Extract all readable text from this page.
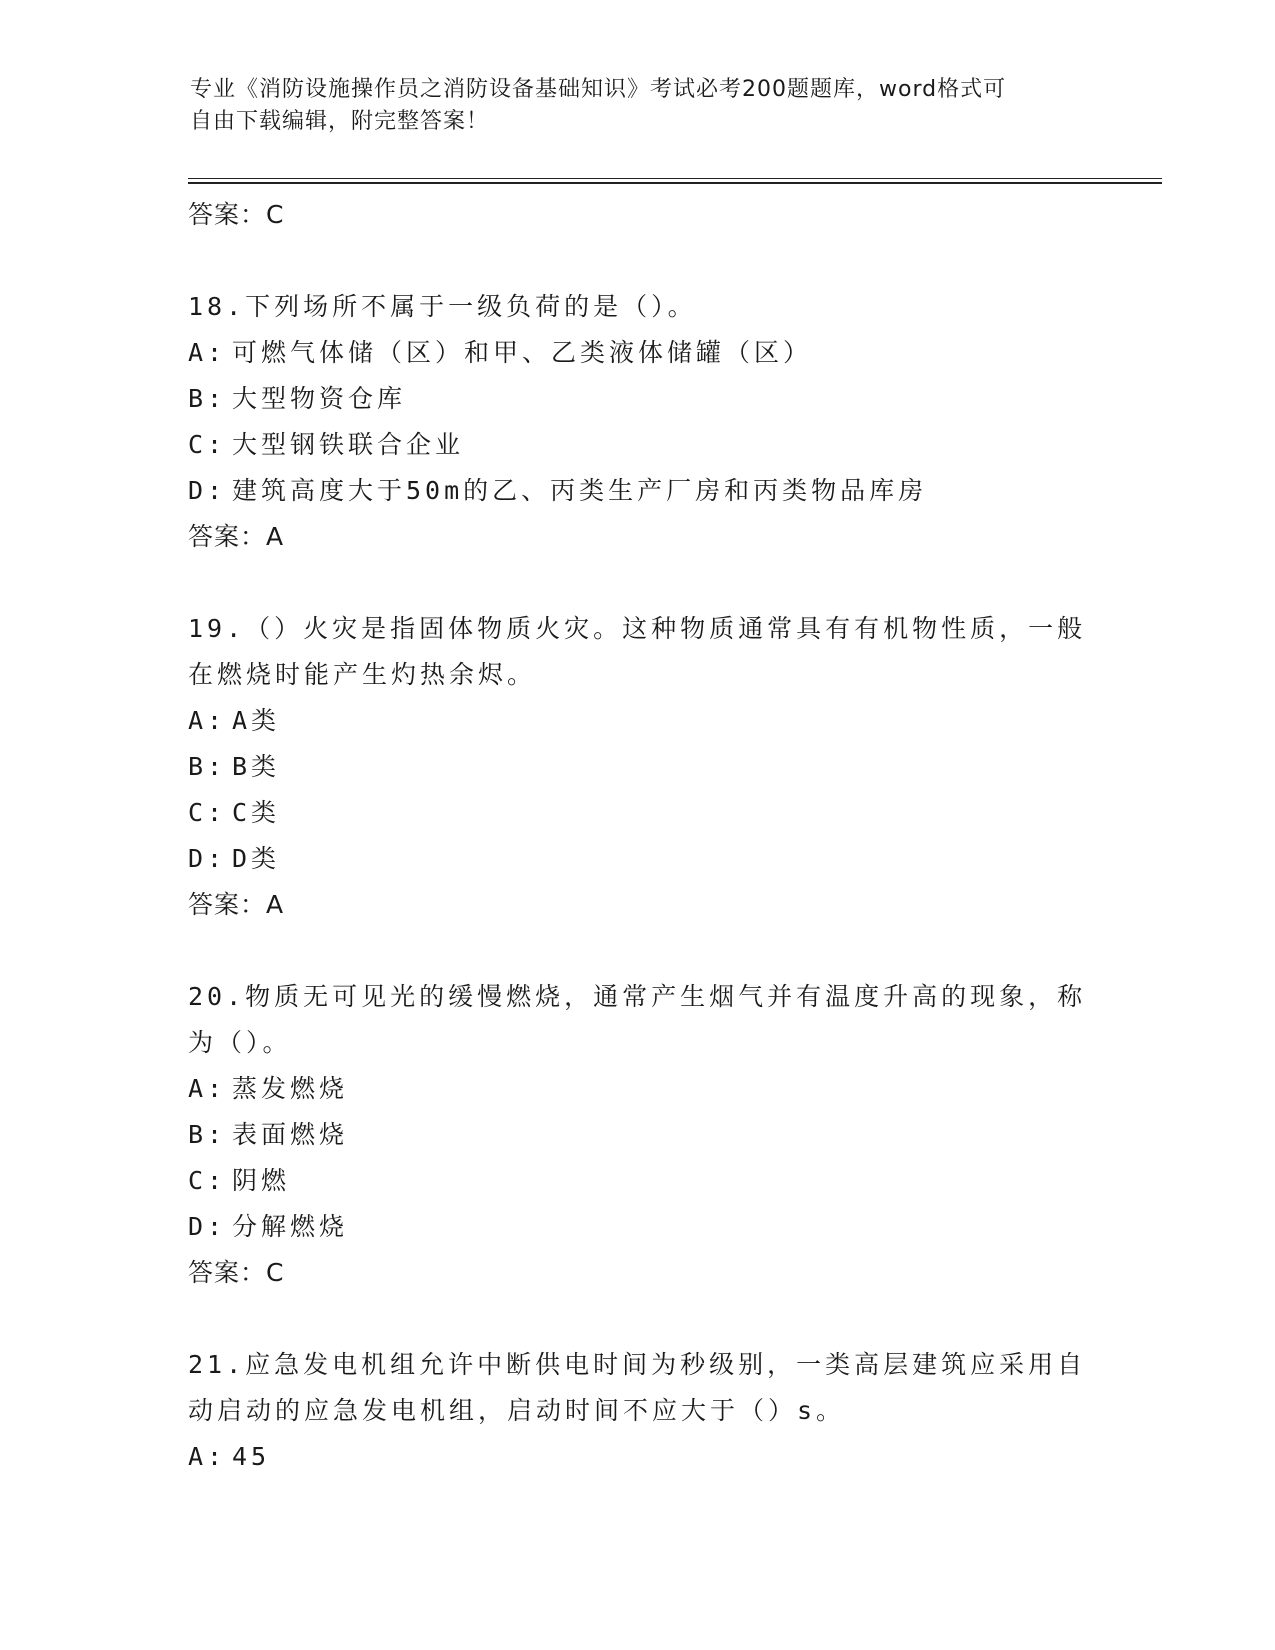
专业《消防设施操作员之消防设备基础知识》考试必考200题题库，word格式可
自由下载编辑，附完整答案！
答案：C
18.下列场所不属于一级负荷的是（）。
A: 可燃气体储（区）和甲、乙类液体储罐（区）
B: 大型物资仓库
C: 大型钢铁联合企业
D: 建筑高度大于50m的乙、丙类生产厂房和丙类物品库房
答案：A
19.（）火灾是指固体物质火灾。这种物质通常具有有机物性质，一般
在燃烧时能产生灼热余烬。
A: A类
B: B类
C: C类
D: D类
答案：A
20.物质无可见光的缓慢燃烧，通常产生烟气并有温度升高的现象，称
为（）。
A: 蒸发燃烧
B: 表面燃烧
C: 阴燃
D: 分解燃烧
答案：C
21.应急发电机组允许中断供电时间为秒级别，一类高层建筑应采用自
动启动的应急发电机组，启动时间不应大于（）s。
A: 45
